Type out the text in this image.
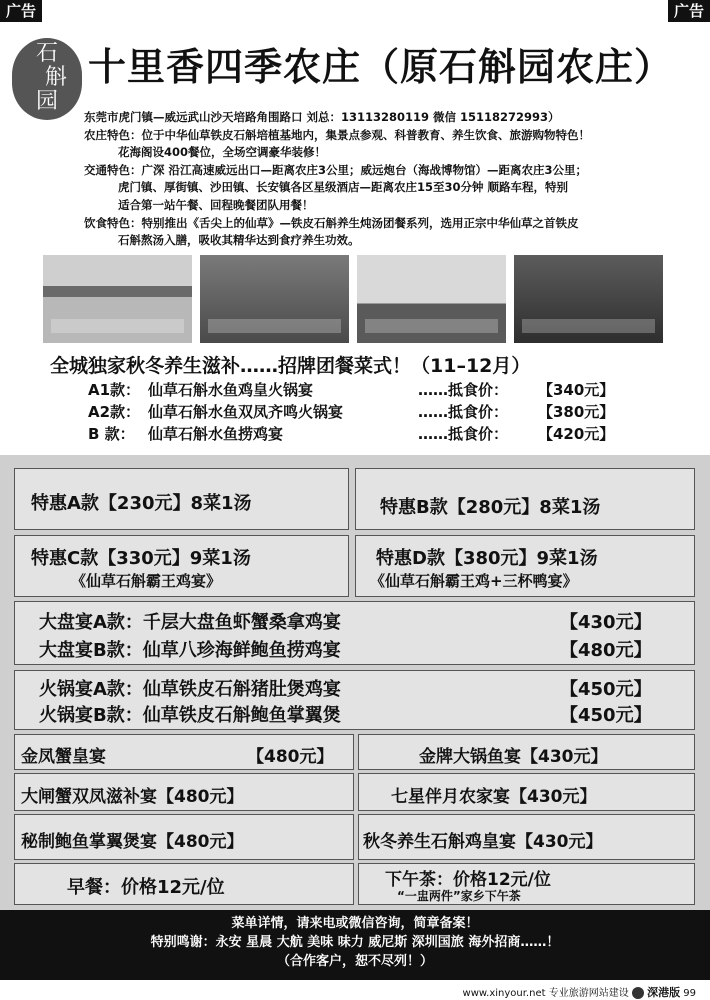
广告	广告
石
斛
园
十里香四季农庄（原石斛园农庄）
东莞市虎门镇—威远武山沙天培路角围路口 刘总：13113280119 微信 15118272993）
农庄特色：位于中华仙草铁皮石斛培植基地内，集景点参观、科普教育、养生饮食、旅游购物特色！
花海阁设400餐位，全场空调豪华装修！
交通特色：广深 沿江高速威远出口—距离农庄3公里；威远炮台（海战博物馆）—距离农庄3公里；
虎门镇、厚街镇、沙田镇、长安镇各区星级酒店—距离农庄15至30分钟 顺路车程，特别
适合第一站午餐、回程晚餐团队用餐！
饮食特色：特别推出《舌尖上的仙草》—铁皮石斛养生炖汤团餐系列，选用正宗中华仙草之首铁皮
石斛熬汤入膳，吸收其精华达到食疗养生功效。
全城独家秋冬养生滋补……招牌团餐菜式！（11–12月）
A1款： 仙草石斛水鱼鸡皇火锅宴	……抵食价： 【340元】
A2款： 仙草石斛水鱼双凤齐鸣火锅宴	……抵食价： 【380元】
B 款： 仙草石斛水鱼捞鸡宴	……抵食价： 【420元】
特惠A款【230元】8菜1汤	特惠B款【280元】8菜1汤
特惠C款【330元】9菜1汤
《仙草石斛霸王鸡宴》
特惠D款【380元】9菜1汤
《仙草石斛霸王鸡+三杯鸭宴》
大盘宴A款：千层大盘鱼虾蟹桑拿鸡宴	【430元】
大盘宴B款：仙草八珍海鲜鲍鱼捞鸡宴	【480元】
火锅宴A款：仙草铁皮石斛猪肚煲鸡宴	【450元】
火锅宴B款：仙草铁皮石斛鲍鱼掌翼煲	【450元】
金凤蟹皇宴	【480元】	金牌大锅鱼宴【430元】
大闸蟹双凤滋补宴【480元】	七星伴月农家宴【430元】
秘制鲍鱼掌翼煲宴【480元】	秋冬养生石斛鸡皇宴【430元】
早餐：价格12元/位	下午茶：价格12元/位
“一盅两件”家乡下午茶
菜单详情，请来电或微信咨询，简章备案！
特别鸣谢：永安 星晨 大航 美味 味力 威尼斯 深圳国旅 海外招商……！
（合作客户，恕不尽列！）
www.xinyour.net 专业旅游网站建设 深港版 99
